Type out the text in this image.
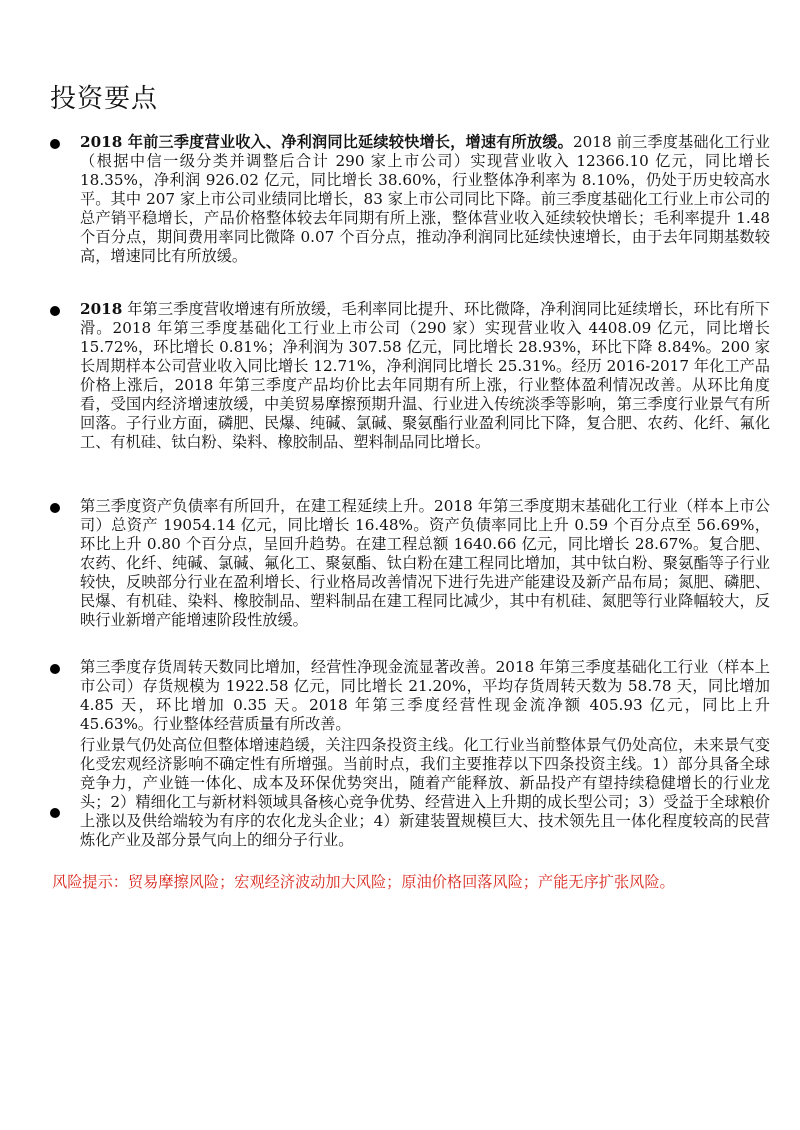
投资要点

2018 年前三季度营业收入、净利润同比延续较快增长，增速有所放缓。2018 前三季度基础化工行业（根据中信一级分类并调整后合计 290 家上市公司）实现营业收入 12366.10 亿元，同比增长 18.35%，净利润 926.02 亿元，同比增长 38.60%，行业整体净利率为 8.10%，仍处于历史较高水平。其中 207 家上市公司业绩同比增长，83 家上市公司同比下降。前三季度基础化工行业上市公司的总产销平稳增长，产品价格整体较去年同期有所上涨，整体营业收入延续较快增长；毛利率提升 1.48 个百分点，期间费用率同比微降 0.07 个百分点，推动净利润同比延续快速增长，由于去年同期基数较高，增速同比有所放缓。

2018 年第三季度营收增速有所放缓，毛利率同比提升、环比微降，净利润同比延续增长，环比有所下滑。2018 年第三季度基础化工行业上市公司（290 家）实现营业收入 4408.09 亿元，同比增长 15.72%，环比增长 0.81%；净利润为 307.58 亿元，同比增长 28.93%，环比下降 8.84%。200 家长周期样本公司营业收入同比增长 12.71%，净利润同比增长 25.31%。经历 2016-2017 年化工产品价格上涨后，2018 年第三季度产品均价比去年同期有所上涨，行业整体盈利情况改善。从环比角度看，受国内经济增速放缓，中美贸易摩擦预期升温、行业进入传统淡季等影响，第三季度行业景气有所回落。子行业方面，磷肥、民爆、纯碱、氯碱、聚氨酯行业盈利同比下降，复合肥、农药、化纤、氟化工、有机硅、钛白粉、染料、橡胶制品、塑料制品同比增长。

第三季度资产负债率有所回升，在建工程延续上升。2018 年第三季度期末基础化工行业（样本上市公司）总资产 19054.14 亿元，同比增长 16.48%。资产负债率同比上升 0.59 个百分点至 56.69%，环比上升 0.80 个百分点，呈回升趋势。在建工程总额 1640.66 亿元，同比增长 28.67%。复合肥、农药、化纤、纯碱、氯碱、氟化工、聚氨酯、钛白粉在建工程同比增加，其中钛白粉、聚氨酯等子行业较快，反映部分行业在盈利增长、行业格局改善情况下进行先进产能建设及新产品布局；氮肥、磷肥、民爆、有机硅、染料、橡胶制品、塑料制品在建工程同比减少，其中有机硅、氮肥等行业降幅较大，反映行业新增产能增速阶段性放缓。

第三季度存货周转天数同比增加，经营性净现金流显著改善。2018 年第三季度基础化工行业（样本上市公司）存货规模为 1922.58 亿元，同比增长 21.20%，平均存货周转天数为 58.78 天，同比增加 4.85 天，环比增加 0.35 天。2018 年第三季度经营性现金流净额 405.93 亿元，同比上升 45.63%。行业整体经营质量有所改善。

行业景气仍处高位但整体增速趋缓，关注四条投资主线。化工行业当前整体景气仍处高位，未来景气变化受宏观经济影响不确定性有所增强。当前时点，我们主要推荐以下四条投资主线。1）部分具备全球竞争力，产业链一体化、成本及环保优势突出，随着产能释放、新品投产有望持续稳健增长的行业龙头；2）精细化工与新材料领域具备核心竞争优势、经营进入上升期的成长型公司；3）受益于全球粮价上涨以及供给端较为有序的农化龙头企业；4）新建装置规模巨大、技术领先且一体化程度较高的民营炼化产业及部分景气向上的细分子行业。

风险提示：贸易摩擦风险；宏观经济波动加大风险；原油价格回落风险；产能无序扩张风险。
